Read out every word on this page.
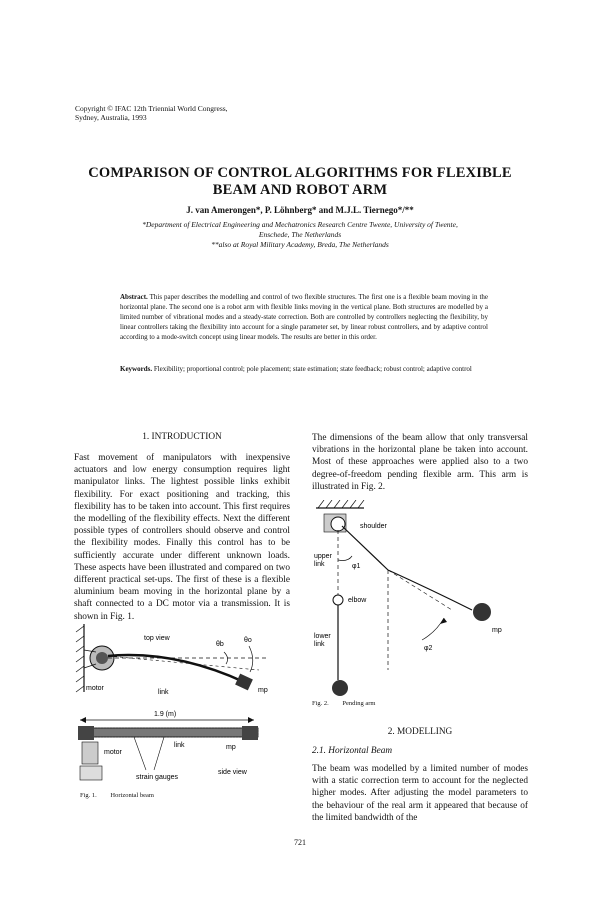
Copyright © IFAC 12th Triennial World Congress,
Sydney, Australia, 1993
COMPARISON OF CONTROL ALGORITHMS FOR FLEXIBLE
BEAM AND ROBOT ARM
J. van Amerongen*, P. Löhnberg* and M.J.L. Tiernego*/**
*Department of Electrical Engineering and Mechatronics Research Centre Twente, University of Twente,
Enschede, The Netherlands
**also at Royal Military Academy, Breda, The Netherlands
Abstract. This paper describes the modelling and control of two flexible structures. The first one is a flexible beam moving in the horizontal plane. The second one is a robot arm with flexible links moving in the vertical plane. Both structures are modelled by a limited number of vibrational modes and a steady-state correction. Both are controlled by controllers neglecting the flexibility, by linear controllers taking the flexibility into account for a single parameter set, by linear robust controllers, and by adaptive control according to a mode-switch concept using linear models. The results are better in this order.
Keywords. Flexibility; proportional control; pole placement; state estimation; state feedback; robust control; adaptive control
1. INTRODUCTION
Fast movement of manipulators with inexpensive actuators and low energy consumption requires light manipulator links. The lightest possible links exhibit flexibility. For exact positioning and tracking, this flexibility has to be taken into account. This first requires the modelling of the flexibility effects. Next the different possible types of controllers should observe and control the flexibility modes. Finally this control has to be sufficiently accurate under different unknown loads. These aspects have been illustrated and compared on two different practical set-ups. The first of these is a flexible aluminium beam moving in the horizontal plane by a shaft connected to a DC motor via a transmission. It is shown in Fig. 1.
top view
θb
θo
motor
link	mp
1.9 (m)
link	mp
motor
side view
strain gauges
Fig. 1. Horizontal beam
The dimensions of the beam allow that only transversal vibrations in the horizontal plane be taken into account. Most of these approaches were applied also to a two degree-of-freedom pending flexible arm. This arm is illustrated in Fig. 2.
shoulder
upper
link	φ1
elbow
φ2
mp
lower
link
Fig. 2. Pending arm
2. MODELLING
2.1. Horizontal Beam
The beam was modelled by a limited number of modes with a static correction term to account for the neglected higher modes. After adjusting the model parameters to the behaviour of the real arm it appeared that because of the limited bandwidth of the
721
